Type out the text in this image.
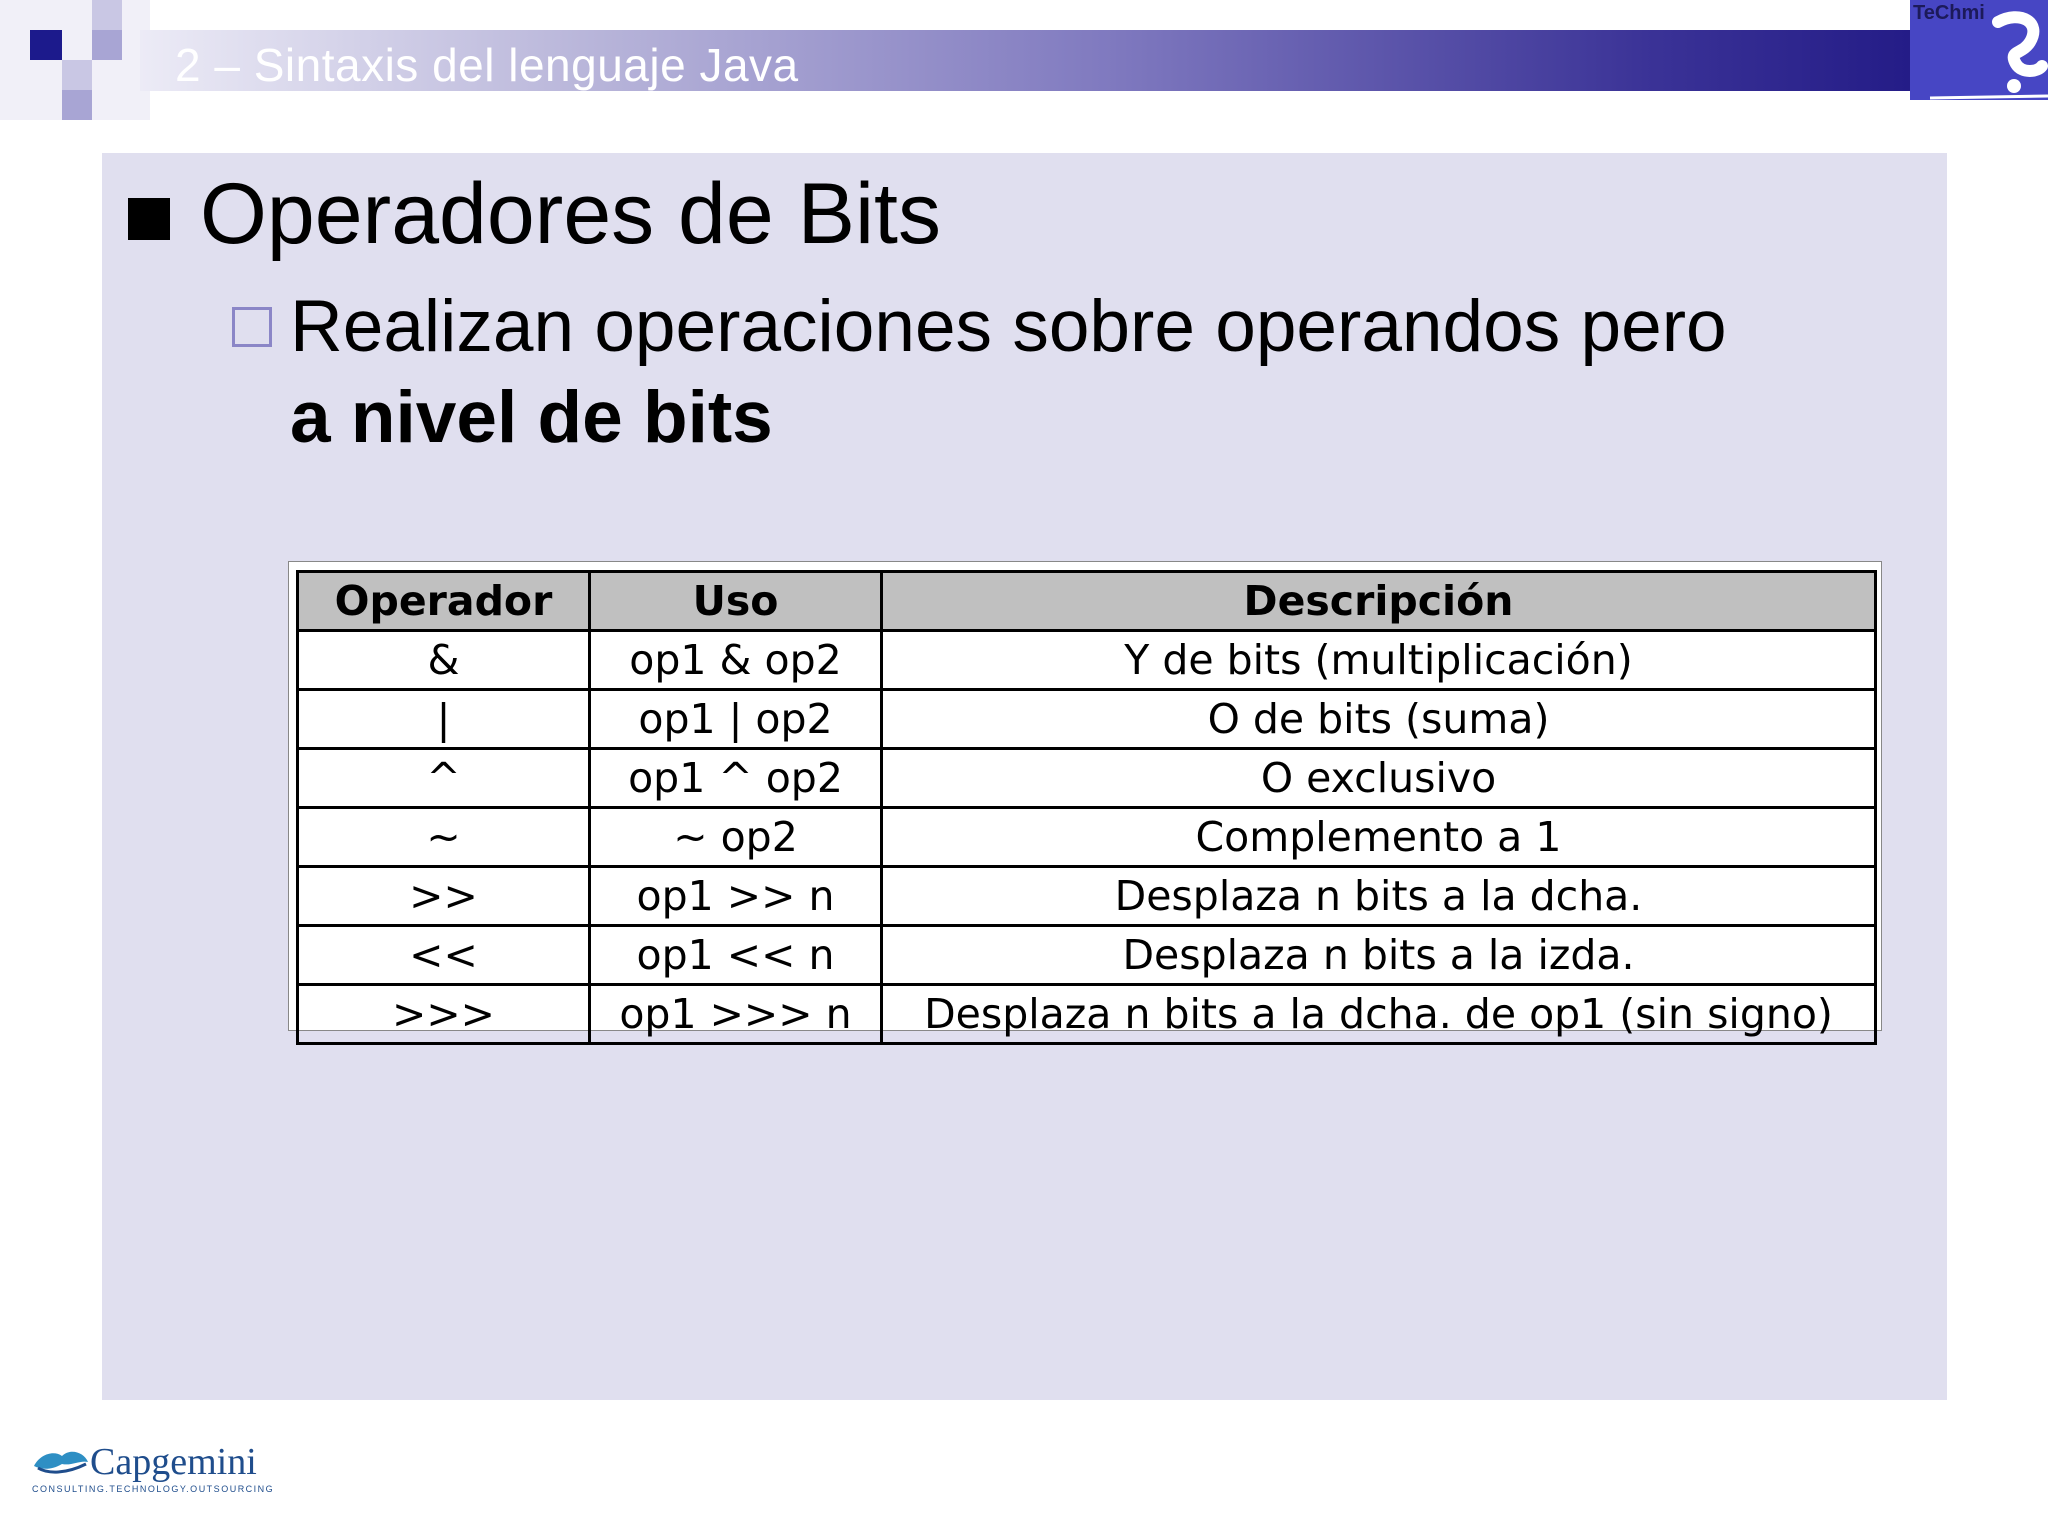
2 – Sintaxis del lenguaje Java
TeChmi
Operadores de Bits
Realizan operaciones sobre operandos pero
a nivel de bits
Operador	Uso	Descripción
&	op1 & op2	Y de bits (multiplicación)
|	op1 | op2	O de bits (suma)
^	op1 ^ op2	O exclusivo
~	~ op2	Complemento a 1
>>	op1 >> n	Desplaza n bits a la dcha.
<<	op1 << n	Desplaza n bits a la izda.
>>>	op1 >>> n	Desplaza n bits a la dcha. de op1 (sin signo)
Capgemini
CONSULTING.TECHNOLOGY.OUTSOURCING
